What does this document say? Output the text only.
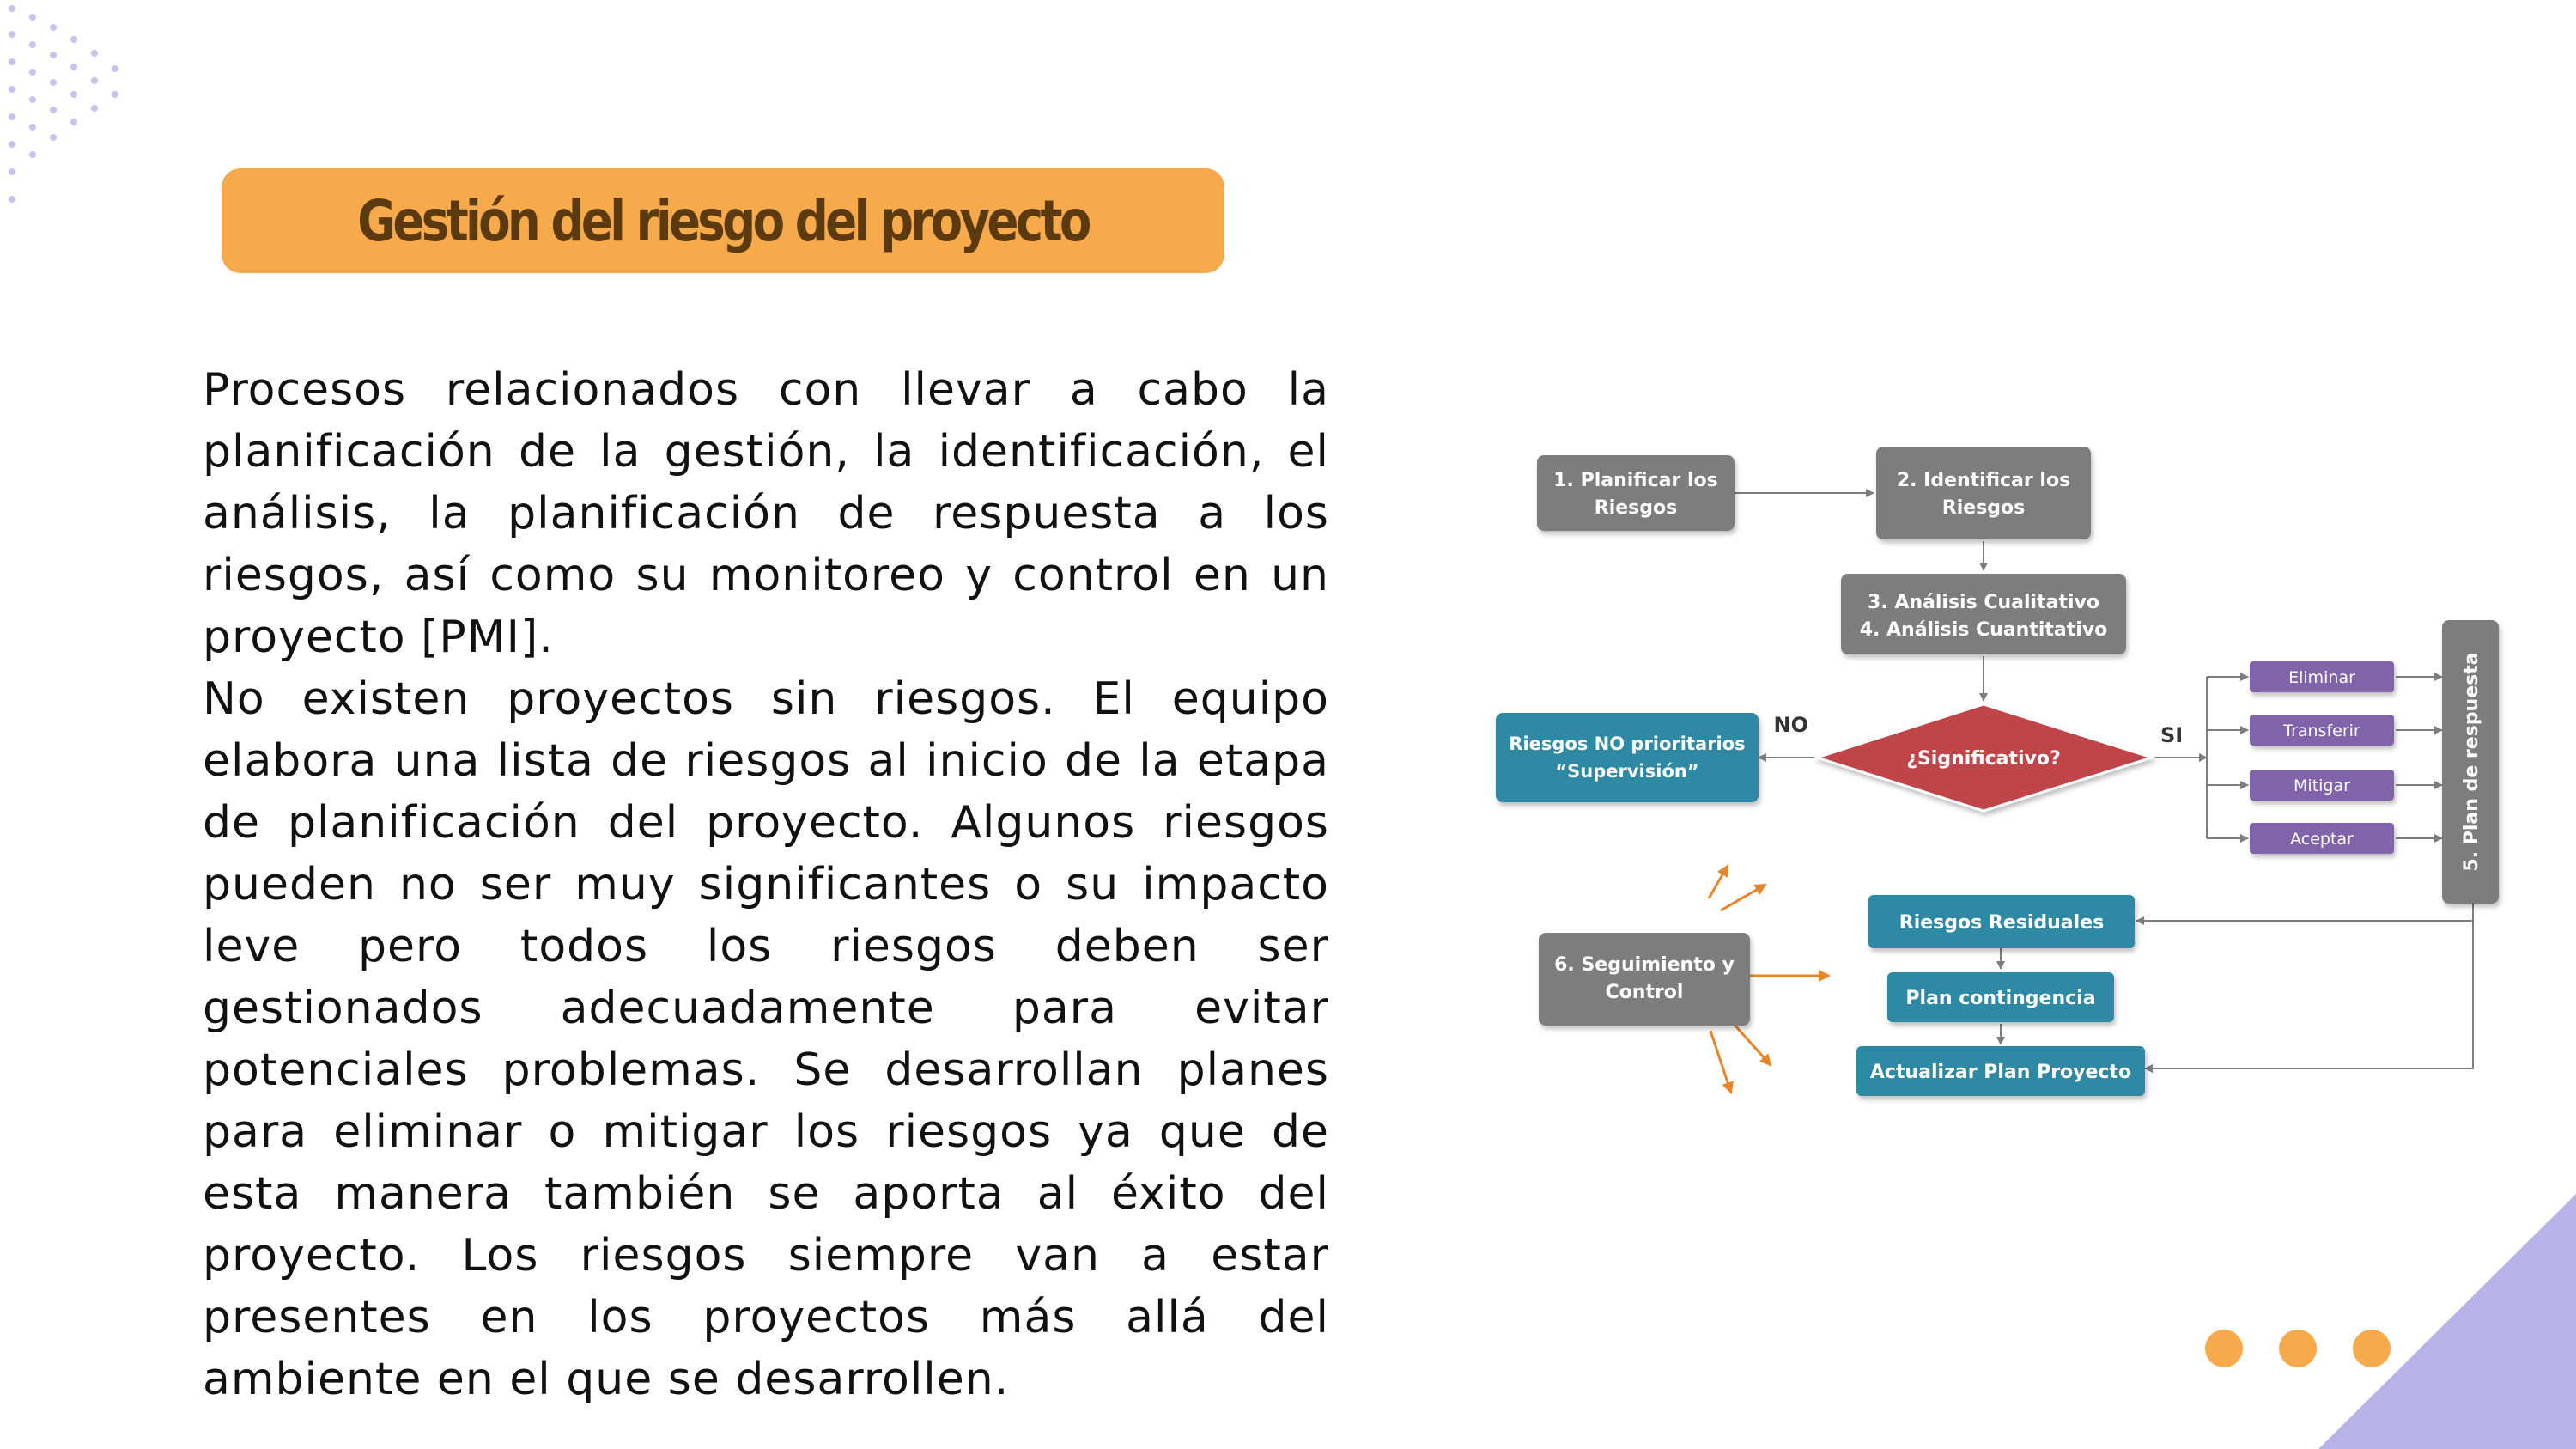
Gestión del riesgo del proyecto

Procesos relacionados con llevar a cabo la planificación de la gestión, la identificación, el análisis, la planificación de respuesta a los riesgos, así como su monitoreo y control en un proyecto [PMI].

No existen proyectos sin riesgos. El equipo elabora una lista de riesgos al inicio de la etapa de planificación del proyecto. Algunos riesgos pueden no ser muy significantes o su impacto leve pero todos los riesgos deben ser gestionados adecuadamente para evitar potenciales problemas. Se desarrollan planes para eliminar o mitigar los riesgos ya que de esta manera también se aporta al éxito del proyecto. Los riesgos siempre van a estar presentes en los proyectos más allá del ambiente en el que se desarrollen.

1. Planificar los
Riesgos
2. Identificar los
Riesgos
3. Análisis Cualitativo
4. Análisis Cuantitativo
¿Significativo?
NO	SI
Riesgos NO prioritarios
“Supervisión”
Eliminar
Transferir
Mitigar
Aceptar	5. Plan de respuesta
6. Seguimiento y
Control
Riesgos Residuales
Plan contingencia
Actualizar Plan Proyecto
